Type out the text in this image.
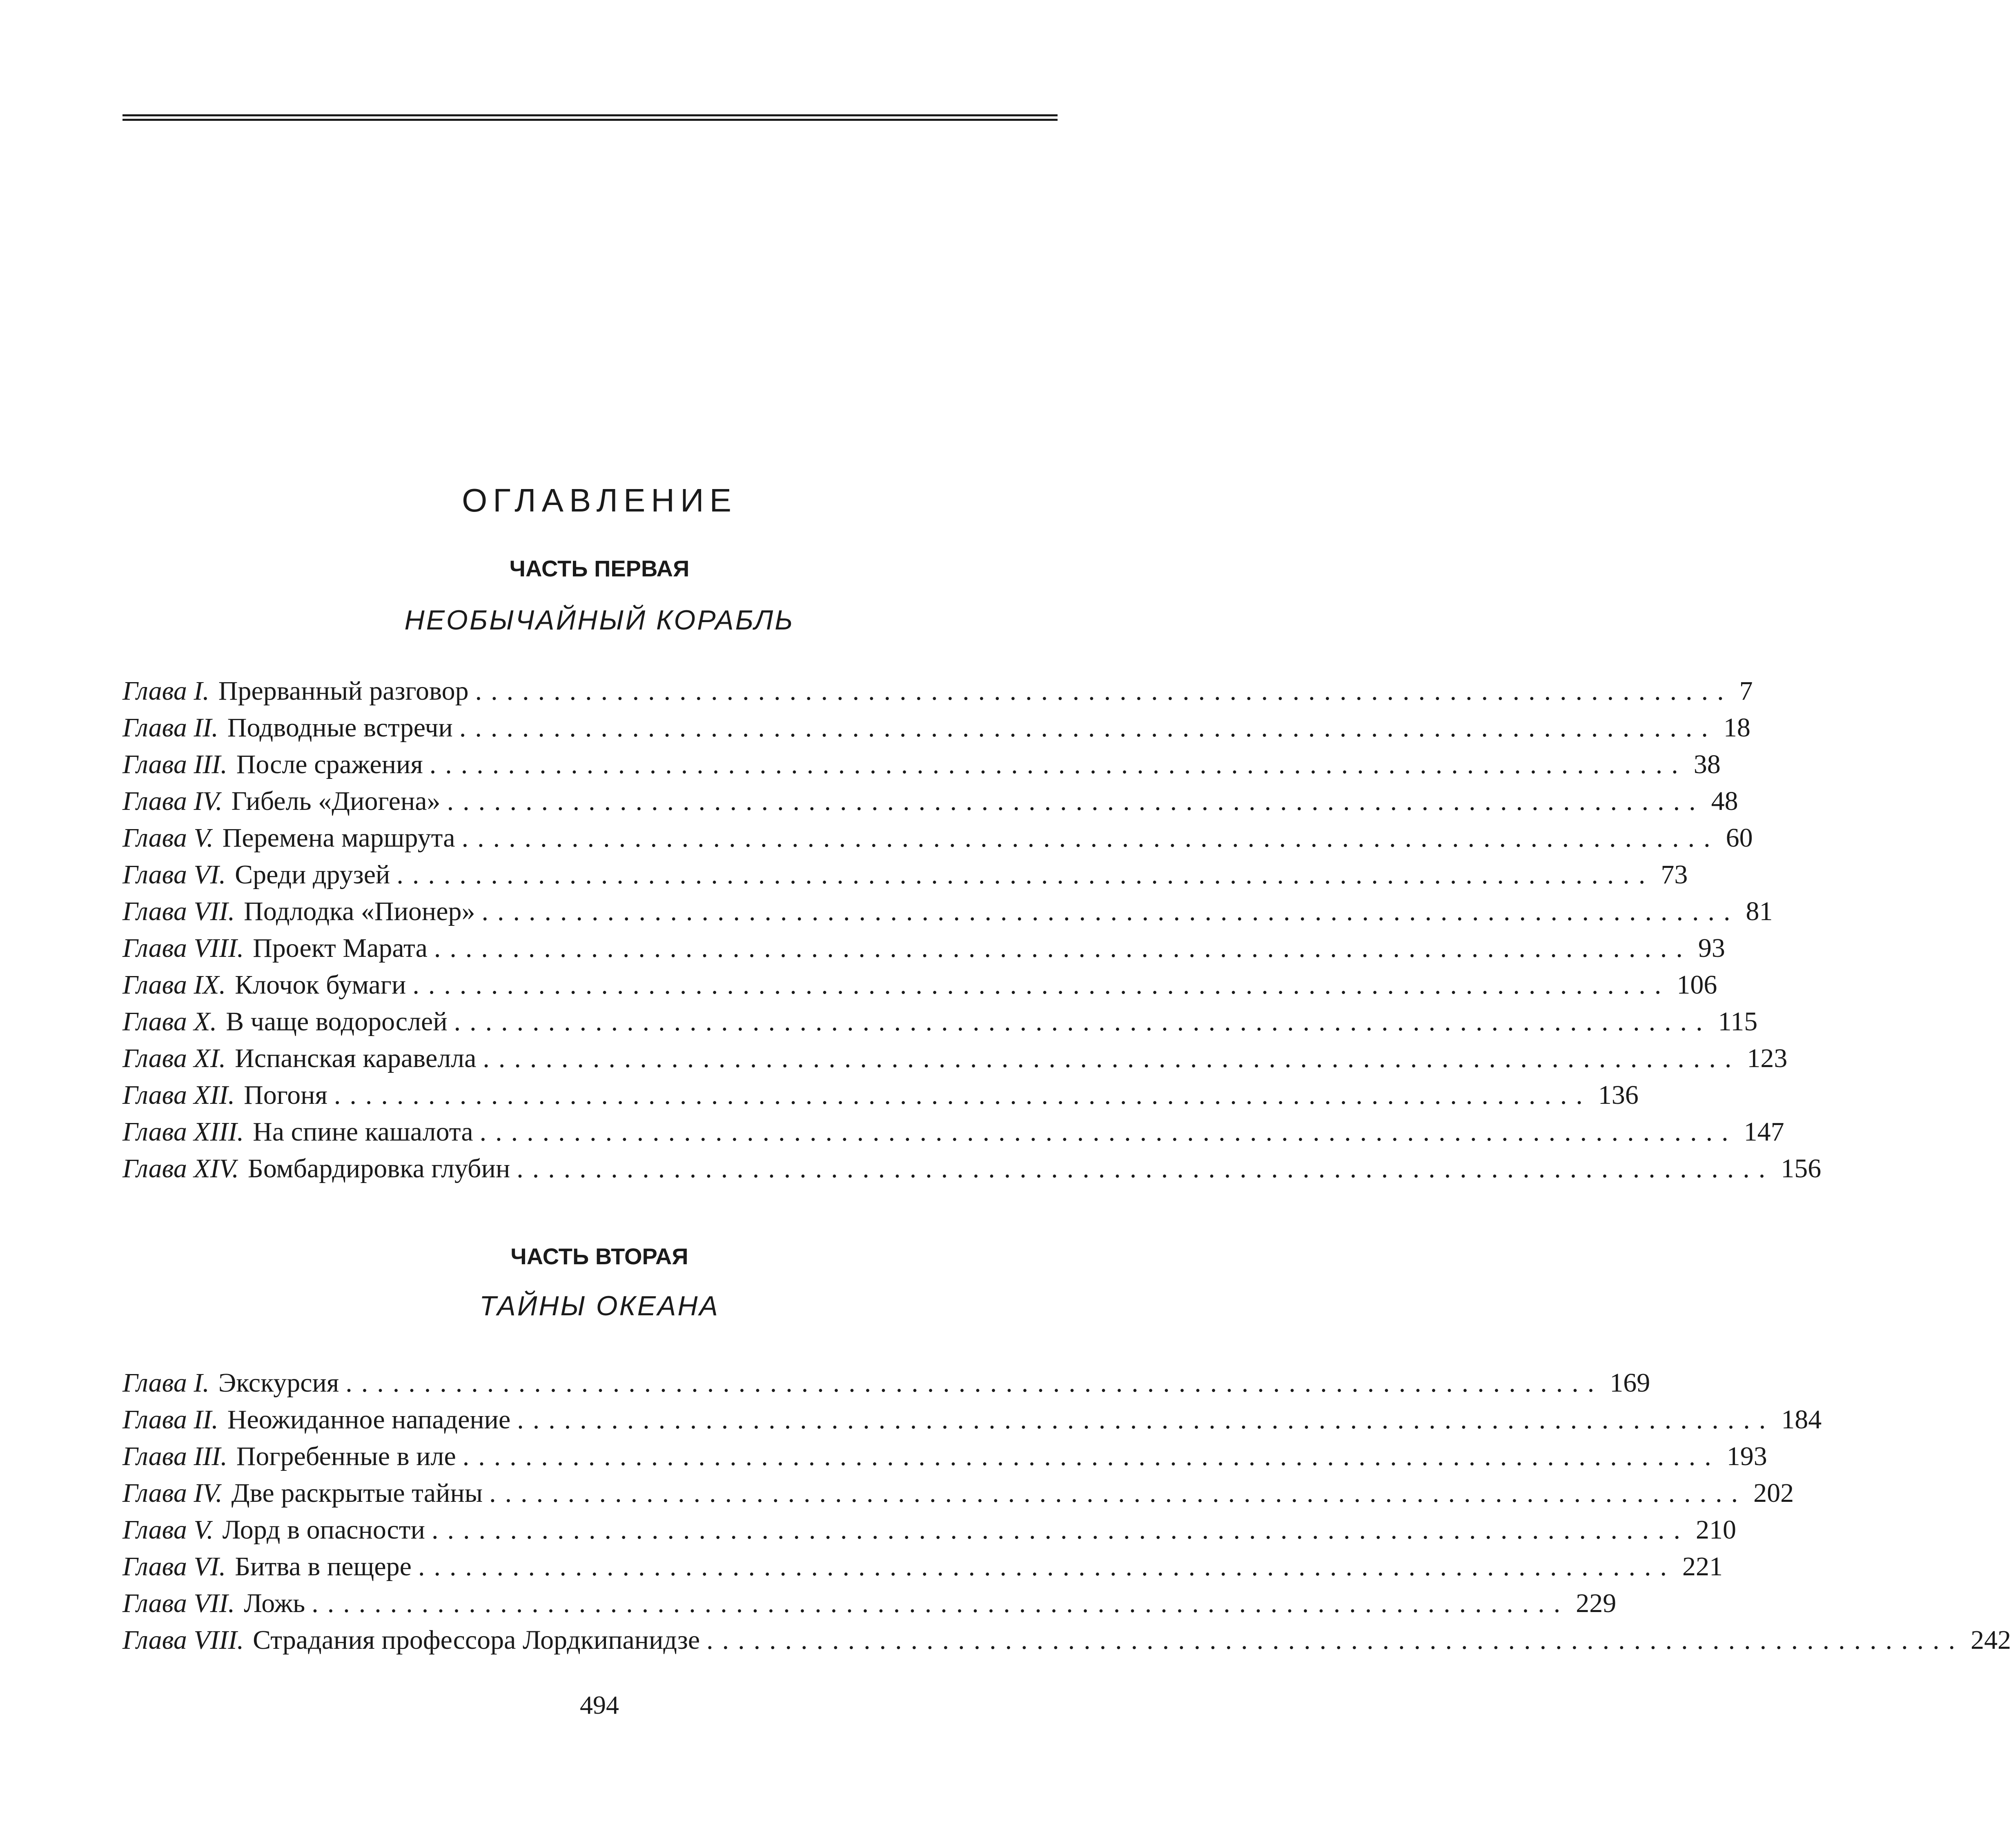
ОГЛАВЛЕНИЕ
ЧАСТЬ ПЕРВАЯ
НЕОБЫЧАЙНЫЙ КОРАБЛЬ
Глава I. Прерванный разговор ................................................................................ 7
Глава II. Подводные встречи ................................................................................ 18
Глава III. После сражения ................................................................................ 38
Глава IV. Гибель «Диогена» ................................................................................ 48
Глава V. Перемена маршрута ................................................................................ 60
Глава VI. Среди друзей ................................................................................ 73
Глава VII. Подлодка «Пионер» ................................................................................ 81
Глава VIII. Проект Марата ................................................................................ 93
Глава IX. Клочок бумаги ................................................................................ 106
Глава X. В чаще водорослей ................................................................................ 115
Глава XI. Испанская каравелла ................................................................................ 123
Глава XII. Погоня ................................................................................ 136
Глава XIII. На спине кашалота ................................................................................ 147
Глава XIV. Бомбардировка глубин ................................................................................ 156
ЧАСТЬ ВТОРАЯ
ТАЙНЫ ОКЕАНА
Глава I. Экскурсия ................................................................................ 169
Глава II. Неожиданное нападение ................................................................................ 184
Глава III. Погребенные в иле ................................................................................ 193
Глава IV. Две раскрытые тайны ................................................................................ 202
Глава V. Лорд в опасности ................................................................................ 210
Глава VI. Битва в пещере ................................................................................ 221
Глава VII. Ложь ................................................................................ 229
Глава VIII. Страдания профессора Лордкипанидзе ................................................................................ 242
494
